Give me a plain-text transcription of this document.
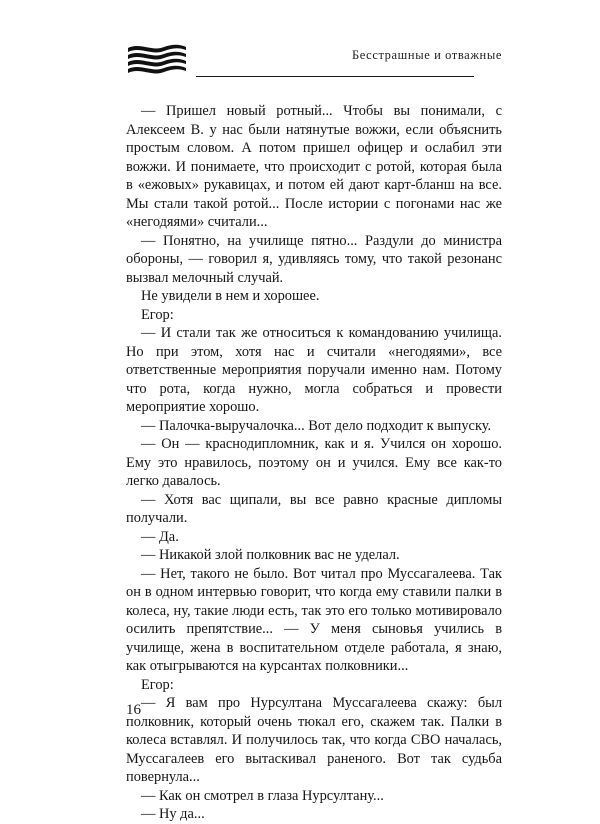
Бесстрашные и отважные

— Пришел новый ротный... Чтобы вы понимали, с Алексеем В. у нас были натянутые вожжи, если объяснить простым словом. А потом пришел офицер и ослабил эти вожжи. И понимаете, что происходит с ротой, которая была в «ежовых» рукавицах, и потом ей дают карт-бланш на все. Мы стали такой ротой... После истории с погонами нас же «негодяями» считали...

— Понятно, на училище пятно... Раздули до министра обороны, — говорил я, удивляясь тому, что такой резонанс вызвал мелочный случай.

Не увидели в нем и хорошее.

Егор:

— И стали так же относиться к командованию училища. Но при этом, хотя нас и считали «негодяями», все ответственные мероприятия поручали именно нам. Потому что рота, когда нужно, могла собраться и провести мероприятие хорошо.

— Палочка-выручалочка... Вот дело подходит к выпуску.

— Он — краснодипломник, как и я. Учился он хорошо. Ему это нравилось, поэтому он и учился. Ему все как-то легко давалось.

— Хотя вас щипали, вы все равно красные дипломы получали.

— Да.

— Никакой злой полковник вас не уделал.

— Нет, такого не было. Вот читал про Муссагалеева. Так он в одном интервью говорит, что когда ему ставили палки в колеса, ну, такие люди есть, так это его только мотивировало осилить препятствие... — У меня сыновья учились в училище, жена в воспитательном отделе работала, я знаю, как отыгрываются на курсантах полковники...

Егор:

— Я вам про Нурсултана Муссагалеева скажу: был полковник, который очень тюкал его, скажем так. Палки в колеса вставлял. И получилось так, что когда СВО началась, Муссагалеев его вытаскивал раненого. Вот так судьба повернула...

— Как он смотрел в глаза Нурсултану...

— Ну да...

16
